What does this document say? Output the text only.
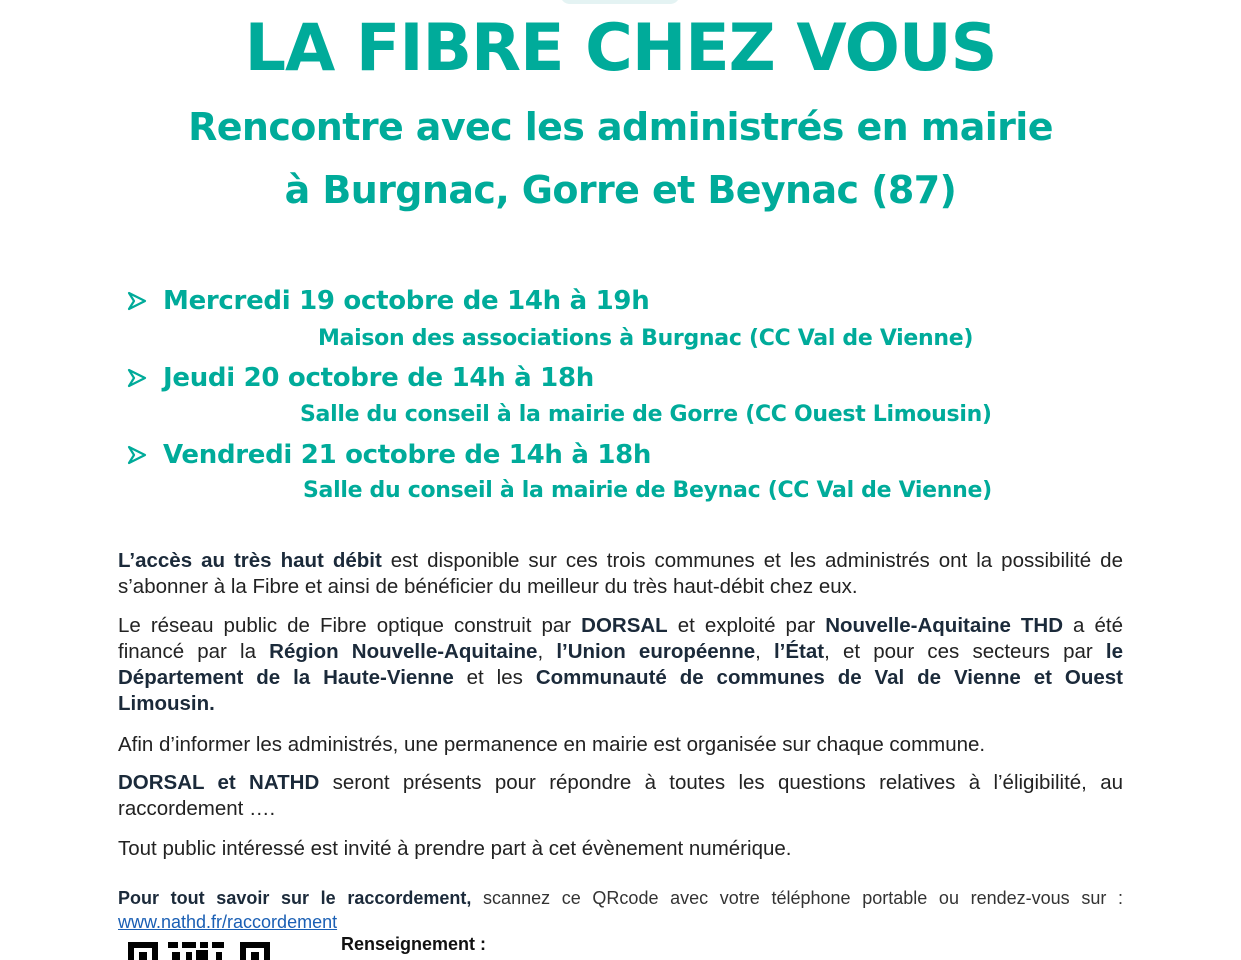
LA FIBRE CHEZ VOUS
Rencontre avec les administrés en mairie
à Burgnac, Gorre et Beynac (87)
Mercredi 19 octobre de 14h à 19h
Maison des associations à Burgnac (CC Val de Vienne)
Jeudi 20 octobre de 14h à 18h
Salle du conseil à la mairie de Gorre (CC Ouest Limousin)
Vendredi 21 octobre de 14h à 18h
Salle du conseil à la mairie de Beynac (CC Val de Vienne)

L’accès au très haut débit est disponible sur ces trois communes et les administrés ont la possibilité de s’abonner à la Fibre et ainsi de bénéficier du meilleur du très haut-débit chez eux.

Le réseau public de Fibre optique construit par DORSAL et exploité par Nouvelle-Aquitaine THD a été financé par la Région Nouvelle-Aquitaine, l’Union européenne, l’État, et pour ces secteurs par le Département de la Haute-Vienne et les Communauté de communes de Val de Vienne et Ouest Limousin.

Afin d’informer les administrés, une permanence en mairie est organisée sur chaque commune.

DORSAL et NATHD seront présents pour répondre à toutes les questions relatives à l’éligibilité, au raccordement ….

Tout public intéressé est invité à prendre part à cet évènement numérique.

Pour tout savoir sur le raccordement, scannez ce QRcode avec votre téléphone portable ou rendez-vous sur : www.nathd.fr/raccordement

Renseignement :
